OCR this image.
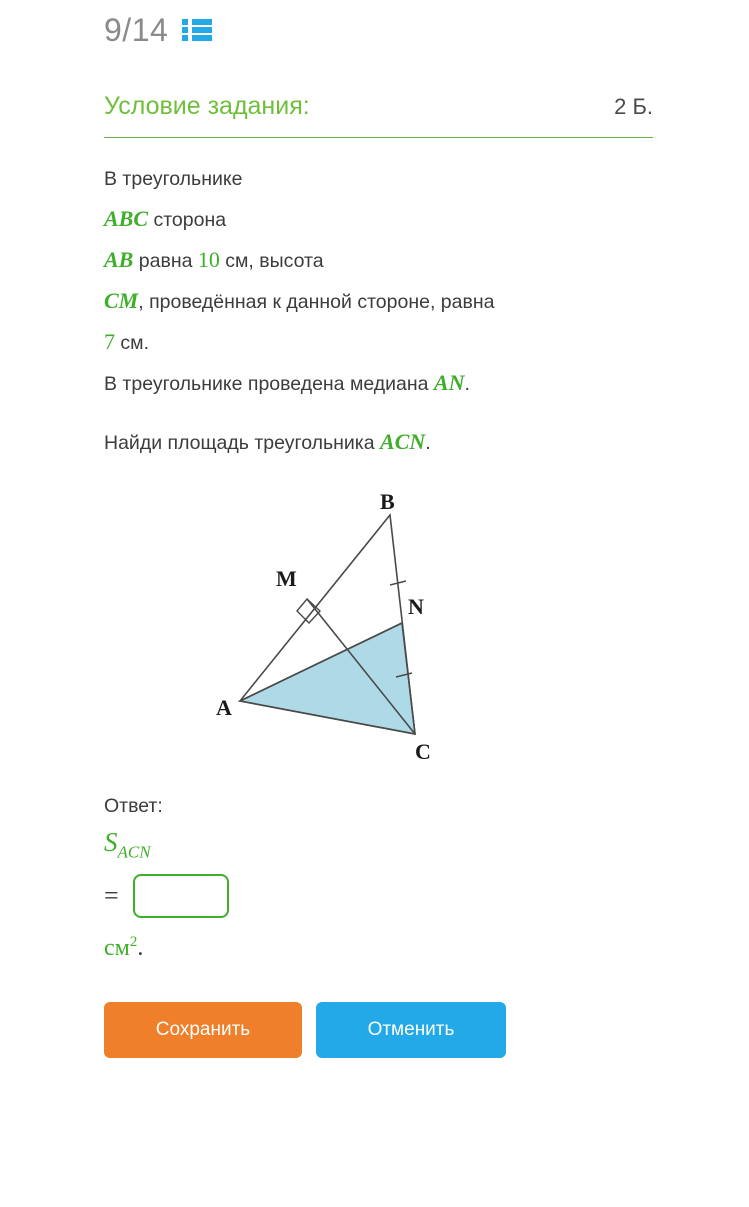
9/14
Условие задания:	2 Б.
В треугольнике
ABC сторона
AB равна 10 см, высота
CM, проведённая к данной стороне, равна
7 см.
В треугольнике проведена медиана AN.
Найди площадь треугольника ACN.
B
A
C
M
N
Ответ:
$S_{ACN}$
=
$см^2$.
Сохранить	Отменить
